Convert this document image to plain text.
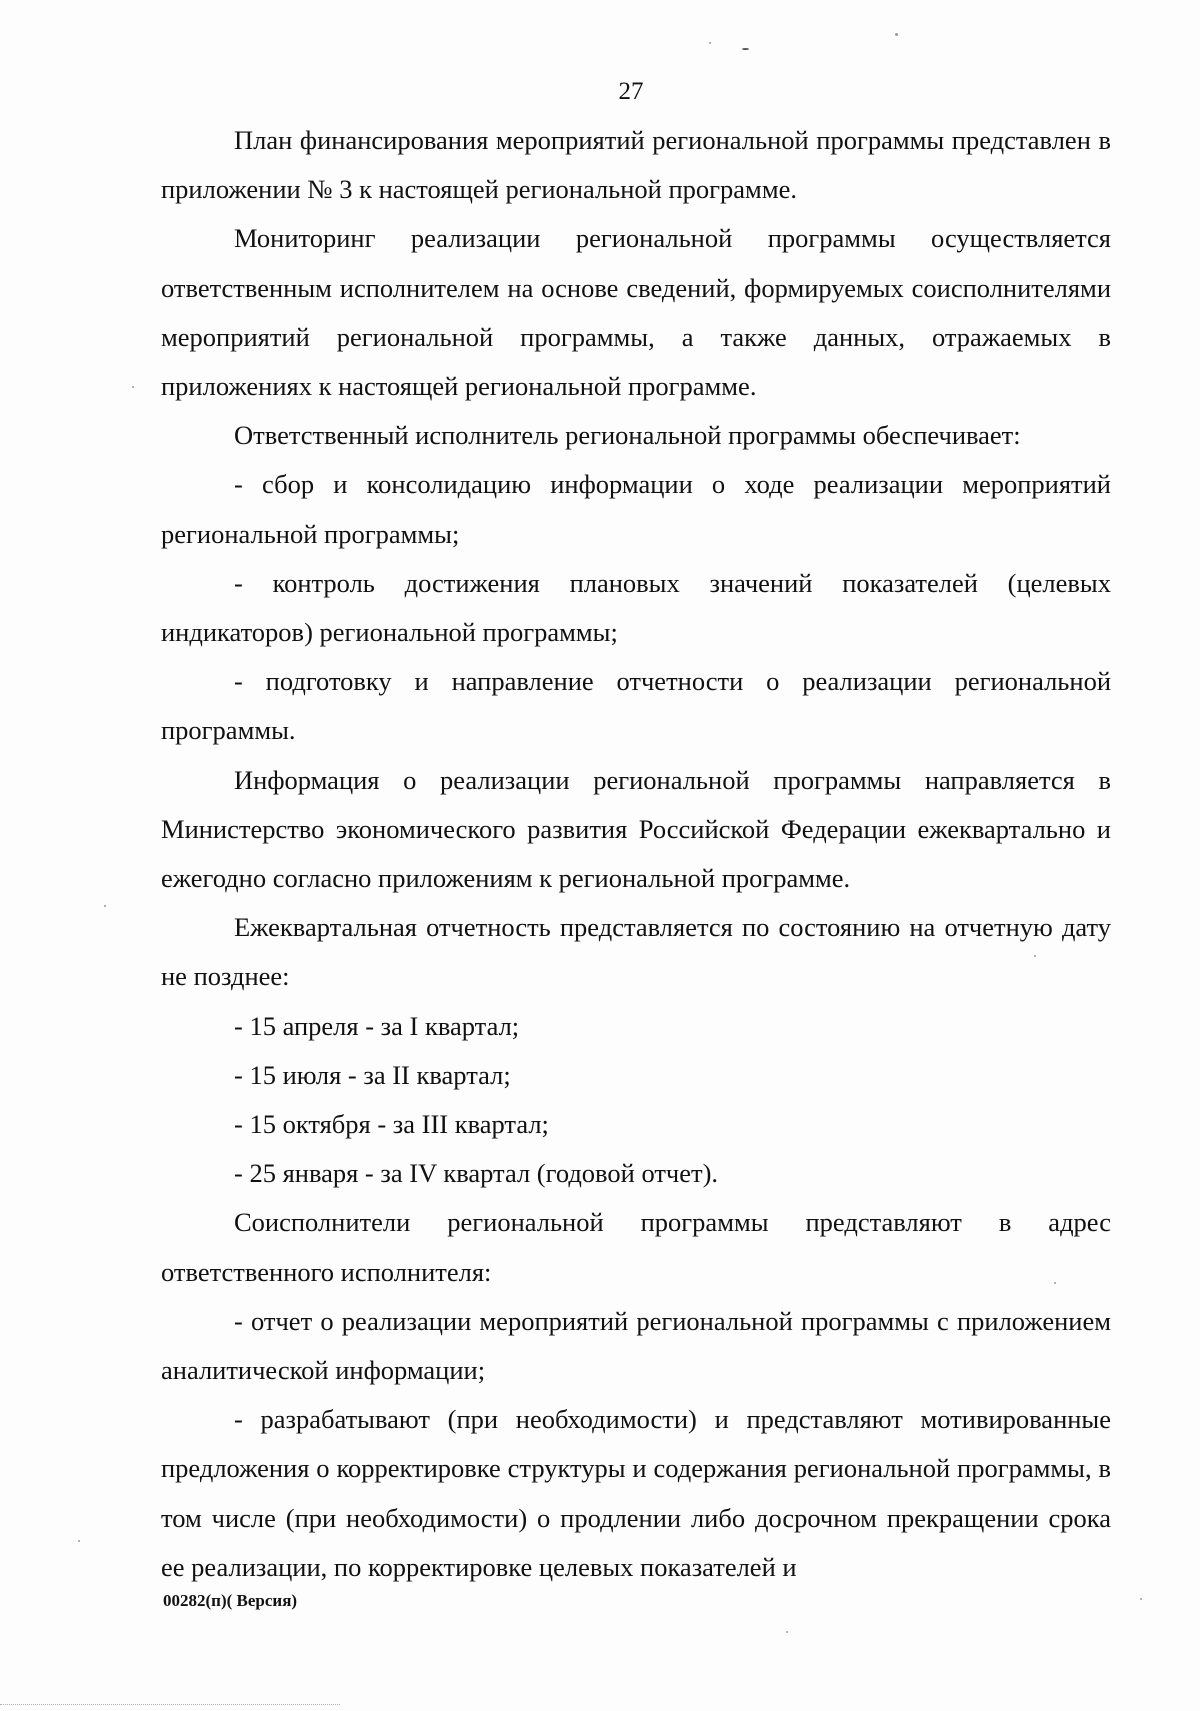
27

План финансирования мероприятий региональной программы представлен в приложении № 3 к настоящей региональной программе.

Мониторинг реализации региональной программы осуществляется ответственным исполнителем на основе сведений, формируемых соисполнителями мероприятий региональной программы, а также данных, отражаемых в приложениях к настоящей региональной программе.

Ответственный исполнитель региональной программы обеспечивает:

- сбор и консолидацию информации о ходе реализации мероприятий региональной программы;

- контроль достижения плановых значений показателей (целевых индикаторов) региональной программы;

- подготовку и направление отчетности о реализации региональной программы.

Информация о реализации региональной программы направляется в Министерство экономического развития Российской Федерации ежеквартально и ежегодно согласно приложениям к региональной программе.

Ежеквартальная отчетность представляется по состоянию на отчетную дату не позднее:

- 15 апреля - за I квартал;

- 15 июля - за II квартал;

- 15 октября - за III квартал;

- 25 января - за IV квартал (годовой отчет).

Соисполнители региональной программы представляют в адрес ответственного исполнителя:

- отчет о реализации мероприятий региональной программы с приложением аналитической информации;

- разрабатывают (при необходимости) и представляют мотивированные предложения о корректировке структуры и содержания региональной программы, в том числе (при необходимости) о продлении либо досрочном прекращении срока ее реализации, по корректировке целевых показателей и

00282(п)( Версия)
